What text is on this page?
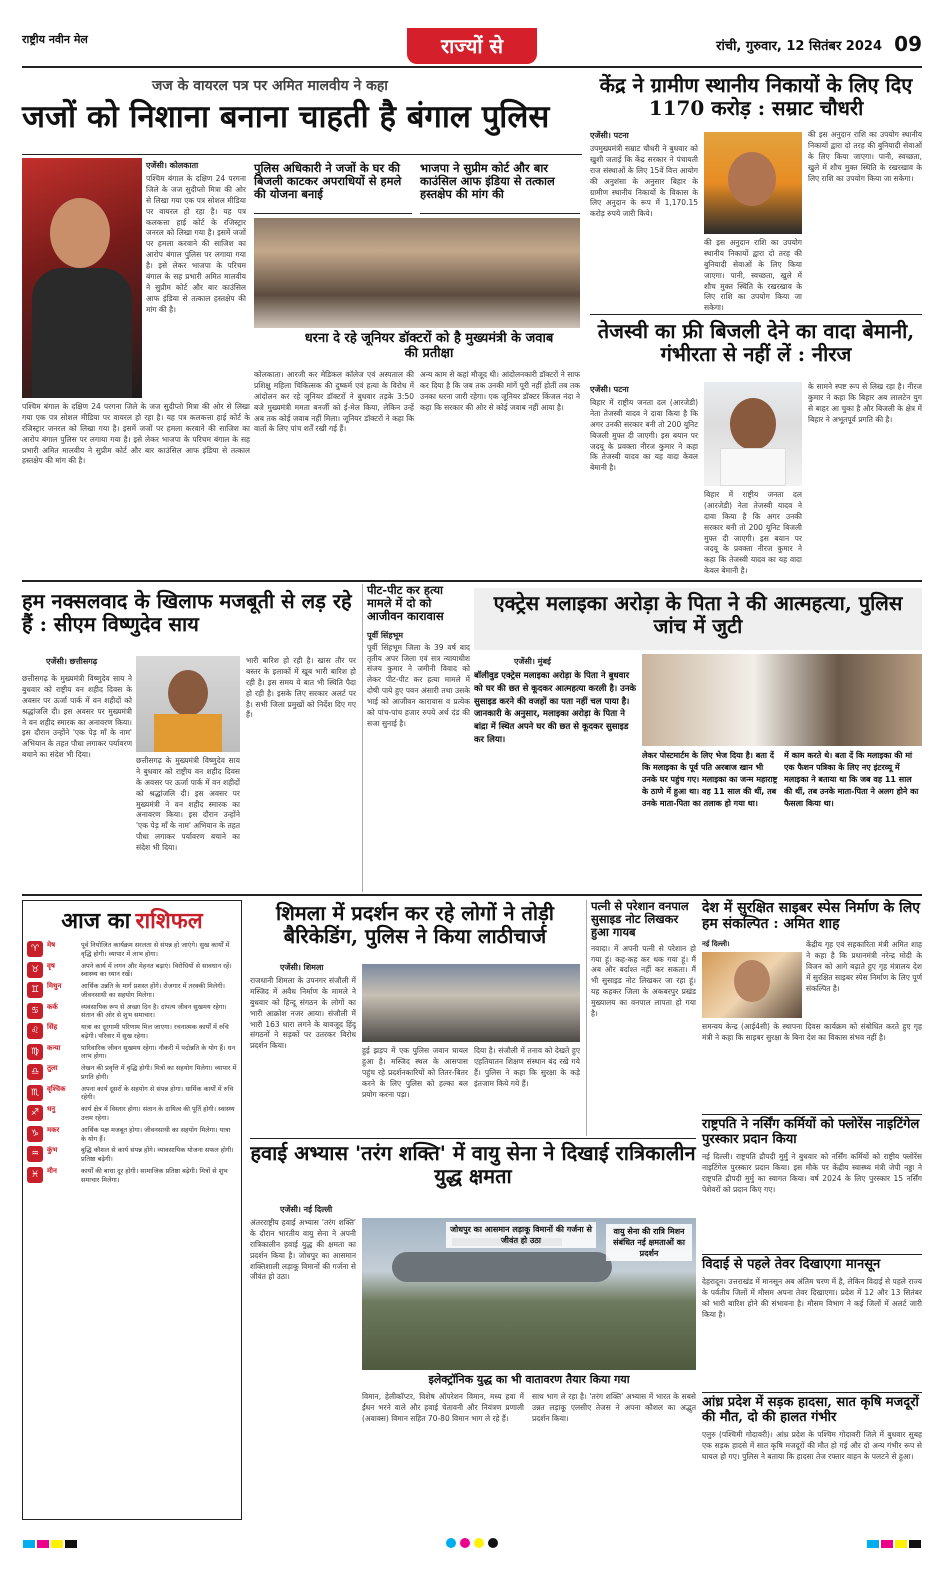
राष्ट्रीय नवीन मेल	राज्यों से	रांची, गुरुवार, 12 सितंबर 2024 09
जज के वायरल पत्र पर अमित मालवीय ने कहा
जजों को निशाना बनाना चाहती है बंगाल पुलिस
एजेंसी। कोलकाता
पश्चिम बंगाल के दक्षिण 24 परगना जिले के जज सुदीप्तो मित्रा की ओर से लिखा गया एक पत्र सोशल मीडिया पर वायरल हो रहा है। यह पत्र कलकत्ता हाई कोर्ट के रजिस्ट्रार जनरल को लिखा गया है। इसमें जजों पर हमला करवाने की साजिश का आरोप बंगाल पुलिस पर लगाया गया है। इसे लेकर भाजपा के परिचम बंगाल के सह प्रभारी अमित मालवीय ने सुप्रीम कोर्ट और बार काउंसिल आफ इंडिया से तत्काल हस्तक्षेप की मांग की है।
पुलिस अधिकारी ने जजों के घर की बिजली काटकर अपराधियों से हमले की योजना बनाई
भाजपा ने सुप्रीम कोर्ट और बार काउंसिल आफ इंडिया से तत्काल हस्तक्षेप की मांग की
धरना दे रहे जूनियर डॉक्टरों को है मुख्यमंत्री के जवाब की प्रतीक्षा
पश्चिम बंगाल के दक्षिण 24 परगना जिले के जज सुदीप्तो मित्रा की ओर से लिखा गया एक पत्र सोशल मीडिया पर वायरल हो रहा है। यह पत्र कलकत्ता हाई कोर्ट के रजिस्ट्रार जनरल को लिखा गया है। इसमें जजों पर हमला करवाने की साजिश का आरोप बंगाल पुलिस पर लगाया गया है। इसे लेकर भाजपा के परिचम बंगाल के सह प्रभारी अमित मालवीय ने सुप्रीम कोर्ट और बार काउंसिल आफ इंडिया से तत्काल हस्तक्षेप की मांग की है।
कोलकाता। आरजी कर मेडिकल कॉलेज एवं अस्पताल की प्रशिक्षु महिला चिकित्सक की दुष्कर्म एवं हत्या के विरोध में आंदोलन कर रहे जूनियर डॉक्टरों ने बुधवार तड़के 3:50 बजे मुख्यमंत्री ममता बनर्जी को ई-मेल किया, लेकिन उन्हें अब तक कोई जवाब नहीं मिला। जूनियर डॉक्टरों ने कहा कि वार्ता के लिए पांच शर्तें रखी गई हैं।
अन्य काम से कहां मौजूद थी। आंदोलनकारी डॉक्टरों ने साफ कर दिया है कि जब तक उनकी मांगें पूरी नहीं होतीं तब तक उनका धरना जारी रहेगा। एक जूनियर डॉक्टर किंजल नंदा ने कहा कि सरकार की ओर से कोई जवाब नहीं आया है।
केंद्र ने ग्रामीण स्थानीय निकायों के लिए दिए 1170 करोड़ : सम्राट चौधरी
एजेंसी। पटना
उपमुख्यमंत्री सम्राट चौधरी ने बुधवार को खुशी जताई कि केंद्र सरकार ने पंचायती राज संस्थाओं के लिए 15वें वित्त आयोग की अनुशंसा के अनुसार बिहार के ग्रामीण स्थानीय निकायों के विकास के लिए अनुदान के रूप में 1,170.15 करोड़ रुपये जारी किये।
की इस अनुदान राशि का उपयोग स्थानीय निकायों द्वारा दो तरह की बुनियादी सेवाओं के लिए किया जाएगा। पानी, स्वच्छता, खुले में शौच मुक्त स्थिति के रखरखाव के लिए राशि का उपयोग किया जा सकेगा।
की इस अनुदान राशि का उपयोग स्थानीय निकायों द्वारा दो तरह की बुनियादी सेवाओं के लिए किया जाएगा। पानी, स्वच्छता, खुले में शौच मुक्त स्थिति के रखरखाव के लिए राशि का उपयोग किया जा सकेगा।
तेजस्वी का फ्री बिजली देने का वादा बेमानी, गंभीरता से नहीं लें : नीरज
एजेंसी। पटना
बिहार में राष्ट्रीय जनता दल (आरजेडी) नेता तेजस्वी यादव ने दावा किया है कि अगर उनकी सरकार बनी तो 200 यूनिट बिजली मुफ्त दी जाएगी। इस बयान पर जदयू के प्रवक्ता नीरज कुमार ने कहा कि तेजस्वी यादव का यह वादा केवल बेमानी है।
बिहार में राष्ट्रीय जनता दल (आरजेडी) नेता तेजस्वी यादव ने दावा किया है कि अगर उनकी सरकार बनी तो 200 यूनिट बिजली मुफ्त दी जाएगी। इस बयान पर जदयू के प्रवक्ता नीरज कुमार ने कहा कि तेजस्वी यादव का यह वादा केवल बेमानी है।
के सामने स्पष्ट रूप से लिख रहा है। नीरज कुमार ने कहा कि बिहार अब लालटेन युग से बाहर आ चुका है और बिजली के क्षेत्र में बिहार ने अभूतपूर्व प्रगति की है।
हम नक्सलवाद के खिलाफ मजबूती से लड़ रहे हैं : सीएम विष्णुदेव साय
एजेंसी। छत्तीसगढ़
छत्तीसगढ़ के मुख्यमंत्री विष्णुदेव साय ने बुधवार को राष्ट्रीय वन शहीद दिवस के अवसर पर ऊर्जा पार्क में वन शहीदों को श्रद्धांजलि दी। इस अवसर पर मुख्यमंत्री ने वन शहीद स्मारक का अनावरण किया। इस दौरान उन्होंने 'एक पेड़ माँ के नाम' अभियान के तहत पौधा लगाकर पर्यावरण बचाने का संदेश भी दिया।
छत्तीसगढ़ के मुख्यमंत्री विष्णुदेव साय ने बुधवार को राष्ट्रीय वन शहीद दिवस के अवसर पर ऊर्जा पार्क में वन शहीदों को श्रद्धांजलि दी। इस अवसर पर मुख्यमंत्री ने वन शहीद स्मारक का अनावरण किया। इस दौरान उन्होंने 'एक पेड़ माँ के नाम' अभियान के तहत पौधा लगाकर पर्यावरण बचाने का संदेश भी दिया।
भारी बारिश हो रही है। खास तौर पर बस्तर के इलाकों में खूब भारी बारिश हो रही है। इस समय ये बात भी स्थिति पैदा हो रही है। इसके लिए सरकार अलर्ट पर है। सभी जिला प्रमुखों को निर्देश दिए गए हैं।
पीट-पीट कर हत्या मामले में दो को आजीवन कारावास
पूर्वी सिंहभूम
पूर्वी सिंहभूम जिला के 39 वर्ष बाद तृतीय अपर जिला एवं सत्र न्यायाधीश संजय कुमार ने जमीनी विवाद को लेकर पीट-पीट कर हत्या मामले में दोषी पाये हुए पवन अंसारी तथा उसके भाई को आजीवन कारावास व प्रत्येक को पांच-पांच हजार रुपये अर्थ दंड की सजा सुनाई है।
एक्ट्रेस मलाइका अरोड़ा के पिता ने की आत्महत्या, पुलिस जांच में जुटी
एजेंसी। मुंबई
बॉलीवुड एक्ट्रेस मलाइका अरोड़ा के पिता ने बुधवार को घर की छत से कूदकर आत्महत्या करली है। उनके सुसाइड करने की वजहों का पता नहीं चल पाया है। जानकारी के अनुसार, मलाइका अरोड़ा के पिता ने बांद्रा में स्थित अपने घर की छत से कूदकर सुसाइड कर लिया।
लेकर पोस्टमार्टम के लिए भेज दिया है। बता दें कि मलाइका के पूर्व पति अरबाज खान भी उनके घर पहुंच गए। मलाइका का जन्म महाराष्ट्र के ठाणे में हुआ था। वह 11 साल की थीं, तब उनके माता-पिता का तलाक हो गया था।
में काम करते थे। बता दें कि मलाइका की मां एक फैशन पत्रिका के लिए नए इंटरव्यू में मलाइका ने बताया था कि जब वह 11 साल की थीं, तब उनके माता-पिता ने अलग होने का फैसला किया था।
आज का राशिफल
♈	मेष	पूर्व नियोजित कार्यक्रम सरलता से संपन्न हो जाएंगे। सुख कार्यों में वृद्धि होगी। व्यापार में लाभ होगा।
♉	वृष	अपने कार्य में लगन और मेहनत बढ़ाएं। विरोधियों से सावधान रहें। स्वास्थ्य का ध्यान रखें।
♊	मिथुन	आर्थिक उन्नति के मार्ग प्रशस्त होंगे। रोजगार में तरक्की मिलेगी। जीवनसाथी का सहयोग मिलेगा।
♋	कर्क	व्यवसायिक रूप से अच्छा दिन है। दांपत्य जीवन सुखमय रहेगा। संतान की ओर से शुभ समाचार।
♌	सिंह	यात्रा का दूरगामी परिणाम मिल जाएगा। रचनात्मक कार्यों में रुचि बढ़ेगी। परिवार में सुख रहेगा।
♍	कन्या	पारिवारिक जीवन सुखमय रहेगा। नौकरी में पदोन्नति के योग हैं। धन लाभ होगा।
♎	तुला	लेखन की प्रवृत्ति में वृद्धि होगी। मित्रों का सहयोग मिलेगा। व्यापार में प्रगति होगी।
♏	वृश्चिक	अपना कार्य दूसरों के सहयोग से संपन्न होगा। धार्मिक कार्यों में रुचि रहेगी।
♐	धनु	कार्य क्षेत्र में विस्तार होगा। संतान के दायित्व की पूर्ति होगी। स्वास्थ्य उत्तम रहेगा।
♑	मकर	आर्थिक पक्ष मजबूत होगा। जीवनसाथी का सहयोग मिलेगा। यात्रा के योग हैं।
♒	कुंभ	बुद्धि कौशल से कार्य संपन्न होंगे। व्यावसायिक योजना सफल होगी। प्रतिष्ठा बढ़ेगी।
♓	मीन	कार्यों की बाधा दूर होगी। सामाजिक प्रतिष्ठा बढ़ेगी। मित्रों से शुभ समाचार मिलेगा।
शिमला में प्रदर्शन कर रहे लोगों ने तोड़ी बैरिकेडिंग, पुलिस ने किया लाठीचार्ज
एजेंसी। शिमला
राजधानी शिमला के उपनगर संजौली में मस्जिद में अवैध निर्माण के मामले ने बुधवार को हिन्दू संगठन के लोगों का भारी आक्रोश नजर आया। संजौली में भारी 163 धारा लगने के बावजूद हिंदू संगठनों ने सड़कों पर उतरकर विरोध प्रदर्शन किया।
हुई झड़प में एक पुलिस जवान घायल हुआ है। मस्जिद स्थल के आसपास पहुंच रहे प्रदर्शनकारियों को तितर-बितर करने के लिए पुलिस को हल्का बल प्रयोग करना पड़ा।
दिया है। संजौली में तनाव को देखते हुए एहतियातन शिक्षण संस्थान बंद रखे गये हैं। पुलिस ने कहा कि सुरक्षा के कड़े इंतजाम किये गये हैं।
पत्नी से परेशान वनपाल सुसाइड नोट लिखकर हुआ गायब
नवादा। में अपनी पत्नी से परेशान हो गया हूं। कह-कह कर थक गया हूं। मैं अब और बर्दाश्त नहीं कर सकता। मैं भी सुसाइड नोट लिखकर जा रहा हूं। यह कहकर जिला के अकबरपुर प्रखंड मुख्यालय का वनपाल लापता हो गया है।
देश में सुरक्षित साइबर स्पेस निर्माण के लिए हम संकल्पित : अमित शाह
नई दिल्ली।	केंद्रीय गृह एवं सहकारिता मंत्री अमित शाह ने कहा है कि प्रधानमंत्री नरेन्द्र मोदी के विजन को आगे बढ़ाते हुए गृह मंत्रालय देश में सुरक्षित साइबर स्पेस निर्माण के लिए पूर्ण संकल्पित है।
समन्वय केन्द्र (आई4सी) के स्थापना दिवस कार्यक्रम को संबोधित करते हुए गृह मंत्री ने कहा कि साइबर सुरक्षा के बिना देश का विकास संभव नहीं है।
राष्ट्रपति ने नर्सिंग कर्मियों को फ्लोरेंस नाइटिंगेल पुरस्कार प्रदान किया
नई दिल्ली। राष्ट्रपति द्रौपदी मुर्मु ने बुधवार को नर्सिंग कर्मियों को राष्ट्रीय फ्लोरेंस नाइटिंगेल पुरस्कार प्रदान किया। इस मौके पर केंद्रीय स्वास्थ्य मंत्री जेपी नड्डा ने राष्ट्रपति द्रौपदी मुर्मु का स्वागत किया। वर्ष 2024 के लिए पुरस्कार 15 नर्सिंग पेशेवरों को प्रदान किए गए।
विदाई से पहले तेवर दिखाएगा मानसून
देहरादून। उत्तराखंड में मानसून अब अंतिम चरण में है, लेकिन विदाई से पहले राज्य के पर्वतीय जिलों में मौसम अपना तेवर दिखाएगा। प्रदेश में 12 और 13 सितंबर को भारी बारिश होने की संभावना है। मौसम विभाग ने कई जिलों में अलर्ट जारी किया है।
आंध्र प्रदेश में सड़क हादसा, सात कृषि मजदूरों की मौत, दो की हालत गंभीर
एलुरु (पश्चिमी गोदावरी)। आंध्र प्रदेश के पश्चिम गोदावरी जिले में बुधवार सुबह एक सड़क हादसे में सात कृषि मजदूरों की मौत हो गई और दो अन्य गंभीर रूप से घायल हो गए। पुलिस ने बताया कि हादसा तेज रफ्तार वाहन के पलटने से हुआ।
हवाई अभ्यास 'तरंग शक्ति' में वायु सेना ने दिखाई रात्रिकालीन युद्ध क्षमता
एजेंसी। नई दिल्ली
अंतरराष्ट्रीय हवाई अभ्यास 'तरंग शक्ति' के दौरान भारतीय वायु सेना ने अपनी रात्रिकालीन हवाई युद्ध की क्षमता का प्रदर्शन किया है। जोधपुर का आसमान शक्तिशाली लड़ाकू विमानों की गर्जना से जीवंत हो उठा।
जोधपुर का आसमान लड़ाकू विमानों की गर्जना से जीवंत हो उठा
वायु सेना की रात्रि मिशन संबंधित नई क्षमताओं का प्रदर्शन
इलेक्ट्रॉनिक युद्ध का भी वातावरण तैयार किया गया
विमान, हेलीकॉप्टर, विशेष ऑपरेशन विमान, मध्य हवा में ईंधन भरने वाले और हवाई चेतावनी और नियंत्रण प्रणाली (अवाक्स) विमान सहित 70-80 विमान भाग ले रहे हैं।
साथ भाग ले रहा है। 'तरंग शक्ति' अभ्यास में भारत के सबसे उन्नत लड़ाकू एलसीए तेजस ने अपना कौशल का अद्भुत प्रदर्शन किया।
